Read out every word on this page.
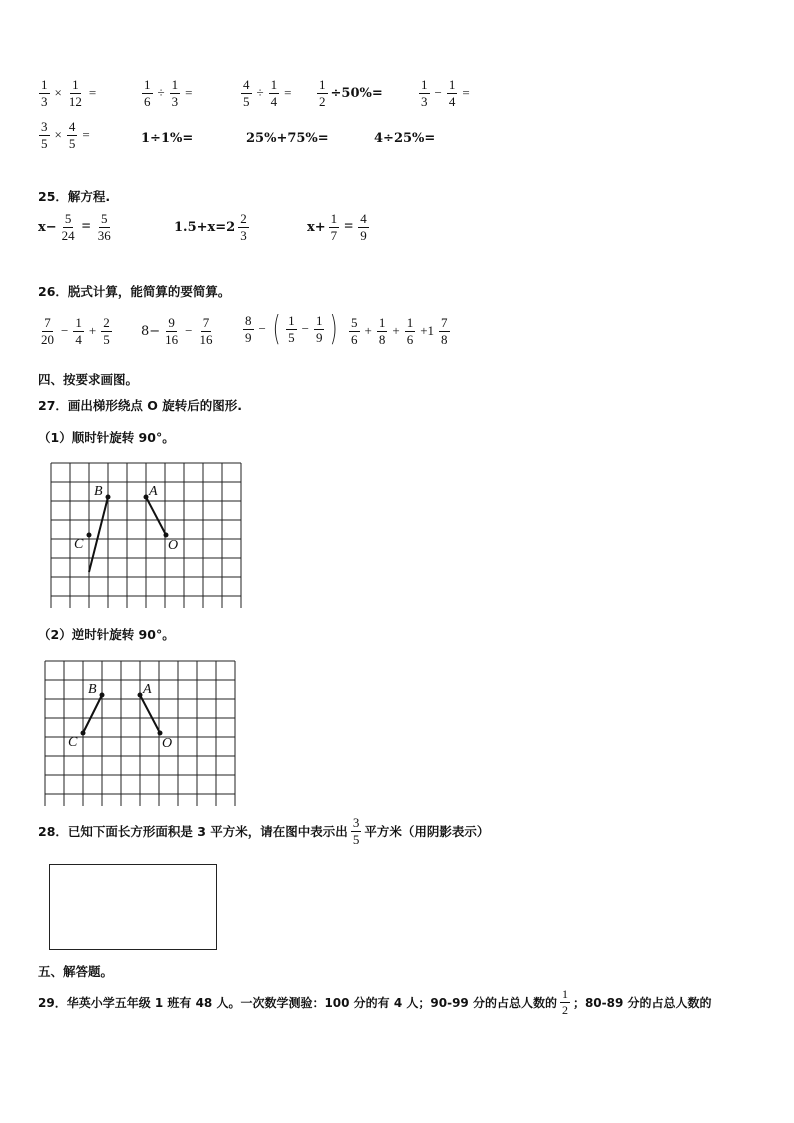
$\frac{1}{3} \times \frac{1}{12}$ =	$\frac{1}{6} \div \frac{1}{3}$ =	$\frac{4}{5} \div \frac{1}{4} = \frac{1}{2} \div 50\%=$	$\frac{1}{3} - \frac{1}{4}$ =
$\frac{3}{5} \times \frac{4}{5}$ =	1÷1%=	25%+75%=	4÷25%=
25．解方程.
$x- \frac{5}{24} = \frac{5}{36}$	$1.5+x=2 \frac{2}{3}$	$x+ \frac{1}{7} = \frac{4}{9}$
26．脱式计算，能简算的要简算。
$\frac{7}{20} - \frac{1}{4} + \frac{2}{5} 8- \frac{9}{16} - \frac{7}{16} \frac{8}{9}$ − ( $\frac{1}{5} - \frac{1}{9}$ ) $\frac{5}{6} + \frac{1}{8} + \frac{1}{6} +1 \frac{7}{8}$
四、按要求画图。
27．画出梯形绕点 O 旋转后的图形.
（1）顺时针旋转 90°。
B	A
C	O
（2）逆时针旋转 90°。
B	A
C	O
28．已知下面长方形面积是 3 平方米，请在图中表示出 $\frac{3}{5}$ 平方米（用阴影表示）
五、解答题。
29．华英小学五年级 1 班有 48 人。一次数学测验：100 分的有 4 人；90-99 分的占总人数的 $\frac{1}{2}$ ；80-89 分的占总人数的
